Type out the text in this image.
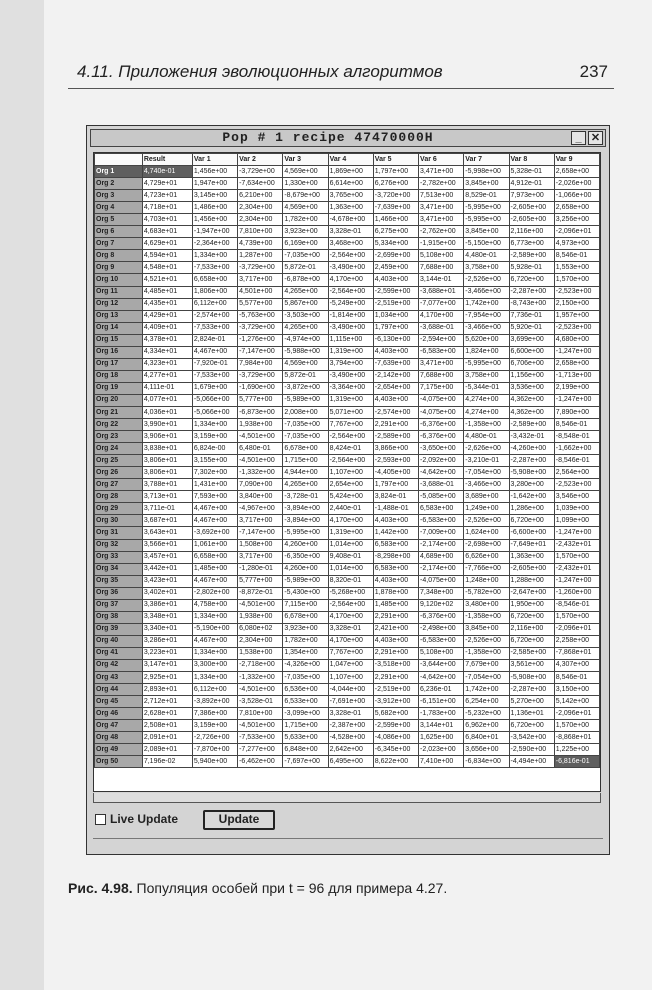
4.11. Приложения эволюционных алгоритмов	237
Pop # 1 recipe 47470000H	_ ✕
	Result	Var 1	Var 2	Var 3	Var 4	Var 5	Var 6	Var 7	Var 8	Var 9
Org 1	4,740e-01	1,456e+00	-3,729e+00	4,569e+00	1,869e+00	1,797e+00	3,471e+00	-5,998e+00	5,328e-01	2,658e+00
Org 2	4,729e+01	1,947e+00	-7,634e+00	1,330e+00	6,614e+00	6,276e+00	-2,782e+00	3,845e+00	4,912e-01	-2,026e+00
Org 3	4,723e+01	3,145e+00	6,210e+00	-8,679e+00	3,765e+00	-3,720e+00	7,513e+00	8,529e-01	7,973e+00	-1,066e+00
Org 4	4,718e+01	1,486e+00	2,304e+00	4,569e+00	1,363e+00	-7,639e+00	3,471e+00	-5,995e+00	-2,605e+00	2,658e+00
Org 5	4,703e+01	1,456e+00	2,304e+00	1,782e+00	-4,678e+00	1,466e+00	3,471e+00	-5,995e+00	-2,605e+00	3,256e+00
Org 6	4,683e+01	-1,947e+00	7,810e+00	3,923e+00	3,328e-01	6,275e+00	-2,762e+00	3,845e+00	2,116e+00	-2,096e+01
Org 7	4,629e+01	-2,364e+00	4,739e+00	6,169e+00	3,468e+00	5,334e+00	-1,915e+00	-5,150e+00	6,773e+00	4,973e+00
Org 8	4,594e+01	1,334e+00	1,287e+00	-7,035e+00	-2,564e+00	-2,699e+00	5,108e+00	4,480e-01	-2,589e+00	8,546e-01
Org 9	4,548e+01	-7,533e+00	-3,729e+00	5,872e-01	-3,490e+00	2,459e+00	7,688e+00	3,758e+00	5,928e-01	1,553e+00
Org 10	4,521e+01	6,658e+00	3,717e+00	-6,878e+00	4,170e+00	4,403e+00	3,144e-01	-2,526e+00	6,720e+00	1,570e+00
Org 11	4,485e+01	1,806e+00	4,501e+00	4,265e+00	-2,564e+00	-2,599e+00	-3,688e+01	-3,466e+00	-2,287e+00	-2,523e+00
Org 12	4,435e+01	6,112e+00	5,577e+00	5,867e+00	-5,249e+00	-2,519e+00	-7,077e+00	1,742e+00	-8,743e+00	2,150e+00
Org 13	4,429e+01	-2,574e+00	-5,763e+00	-3,503e+00	-1,814e+00	1,034e+00	4,170e+00	-7,954e+00	7,736e-01	1,957e+00
Org 14	4,409e+01	-7,533e+00	-3,729e+00	4,265e+00	-3,490e+00	1,797e+00	-3,688e-01	-3,466e+00	5,920e-01	-2,523e+00
Org 15	4,378e+01	2,824e-01	-1,276e+00	-4,974e+00	1,115e+00	-6,130e+00	-2,594e+00	5,620e+00	3,699e+00	4,680e+00
Org 16	4,334e+01	4,467e+00	-7,147e+00	-5,988e+00	1,319e+00	4,403e+00	-6,583e+00	1,824e+00	6,600e+00	-1,247e+00
Org 17	4,323e+01	-7,920e-01	7,984e+00	4,569e+00	3,794e+00	-7,639e+00	3,471e+00	-5,995e+00	6,706e+00	2,658e+00
Org 18	4,277e+01	-7,533e+00	-3,729e+00	5,872e-01	-3,490e+00	-2,142e+00	7,688e+00	3,758e+00	1,156e+00	-1,713e+00
Org 19	4,111e-01	1,679e+00	-1,690e+00	-3,872e+00	-3,364e+00	-2,654e+00	7,175e+00	-5,344e-01	3,536e+00	2,199e+00
Org 20	4,077e+01	-5,066e+00	5,777e+00	-5,989e+00	1,319e+00	4,403e+00	-4,075e+00	4,274e+00	4,362e+00	-1,247e+00
Org 21	4,036e+01	-5,066e+00	-6,873e+00	2,008e+00	5,071e+00	-2,574e+00	-4,075e+00	4,274e+00	4,362e+00	7,890e+00
Org 22	3,990e+01	1,334e+00	1,938e+00	-7,035e+00	7,767e+00	2,291e+00	-6,376e+00	-1,358e+00	-2,589e+00	8,546e-01
Org 23	3,906e+01	3,159e+00	-4,501e+00	-7,035e+00	-2,564e+00	-2,589e+00	-6,376e+00	4,480e-01	-3,432e-01	-8,548e-01
Org 24	3,838e+01	6,824e-00	6,480e-01	6,678e+00	8,424e-01	3,866e+00	-3,650e+00	-2,626e+00	-4,260e+00	-1,662e+00
Org 25	3,806e+01	3,155e+00	-4,501e+00	1,715e+00	-2,564e+00	-2,593e+00	-2,092e+00	-3,210e-01	-2,287e+00	-8,546e-01
Org 26	3,806e+01	7,302e+00	-1,332e+00	4,944e+00	1,107e+00	-4,405e+00	-4,642e+00	-7,054e+00	-5,908e+00	2,564e+00
Org 27	3,788e+01	1,431e+00	7,090e+00	4,265e+00	2,654e+00	1,797e+00	-3,688e-01	-3,466e+00	3,280e+00	-2,523e+00
Org 28	3,713e+01	7,593e+00	3,840e+00	-3,728e-01	5,424e+00	3,824e-01	-5,085e+00	3,689e+00	-1,642e+00	3,546e+00
Org 29	3,711e-01	4,467e+00	-4,967e+00	-3,894e+00	2,440e-01	-1,488e-01	6,583e+00	1,249e+00	1,286e+00	1,039e+00
Org 30	3,687e+01	4,467e+00	3,717e+00	-3,894e+00	4,170e+00	4,403e+00	-6,583e+00	-2,526e+00	6,720e+00	1,099e+00
Org 31	3,643e+01	-3,692e+00	-7,147e+00	-5,995e+00	1,319e+00	1,442e+00	-7,009e+00	1,624e+00	-6,600e+00	-1,247e+00
Org 32	3,566e+01	1,061e+00	1,508e+00	4,260e+00	1,014e+00	6,583e+00	-2,174e+00	-2,698e+00	-7,649e+01	-2,432e+01
Org 33	3,457e+01	6,658e+00	3,717e+00	-6,350e+00	9,408e-01	-8,298e+00	4,689e+00	6,626e+00	1,363e+00	1,570e+00
Org 34	3,442e+01	1,485e+00	-1,280e-01	4,260e+00	1,014e+00	6,583e+00	-2,174e+00	-7,766e+00	-2,605e+00	-2,432e+01
Org 35	3,423e+01	4,467e+00	5,777e+00	-5,989e+00	8,320e-01	4,403e+00	-4,075e+00	1,248e+00	1,288e+00	-1,247e+00
Org 36	3,402e+01	-2,802e+00	-8,872e-01	-5,430e+00	-5,268e+00	1,878e+00	7,348e+00	-5,782e+00	-2,647e+00	-1,260e+00
Org 37	3,386e+01	4,758e+00	-4,501e+00	7,115e+00	-2,564e+00	1,485e+00	9,120e+02	3,480e+00	1,950e+00	-8,546e-01
Org 38	3,348e+01	1,334e+00	1,938e+00	6,678e+00	4,170e+00	2,291e+00	-6,376e+00	-1,358e+00	6,720e+00	1,570e+00
Org 39	3,340e+01	-5,190e+00	6,080e+02	3,923e+00	3,328e-01	2,421e+00	-2,498e+00	3,845e+00	2,116e+00	-2,096e+01
Org 40	3,286e+01	4,467e+00	2,304e+00	1,782e+00	4,170e+00	4,403e+00	-6,583e+00	-2,526e+00	6,720e+00	2,258e+00
Org 41	3,223e+01	1,334e+00	1,538e+00	1,354e+00	7,767e+00	2,291e+00	5,108e+00	-1,358e+00	-2,585e+00	-7,868e+01
Org 42	3,147e+01	3,300e+00	-2,718e+00	-4,326e+00	1,047e+00	-3,518e+00	-3,644e+00	7,679e+00	3,561e+00	4,307e+00
Org 43	2,925e+01	1,334e+00	-1,332e+00	-7,035e+00	1,107e+00	2,291e+00	-4,642e+00	-7,054e+00	-5,908e+00	8,546e-01
Org 44	2,893e+01	6,112e+00	-4,501e+00	6,536e+00	-4,044e+00	-2,519e+00	6,236e-01	1,742e+00	-2,287e+00	3,150e+00
Org 45	2,712e+01	-3,892e+00	-3,528e-01	6,533e+00	-7,691e+00	-3,912e+00	-6,151e+00	6,254e+00	5,270e+00	5,142e+00
Org 46	2,628e+01	7,386e+00	7,810e+00	-3,099e+00	3,328e-01	5,682e+00	-1,783e+00	-5,232e+00	1,136e+01	-2,096e+01
Org 47	2,508e+01	3,159e+00	-4,501e+00	1,715e+00	-2,387e+00	-2,599e+00	3,144e+01	6,962e+00	6,720e+00	1,570e+00
Org 48	2,091e+01	-2,726e+00	-7,533e+00	5,633e+00	-4,528e+00	-4,086e+00	1,625e+00	6,840e+01	-3,542e+00	-8,868e+01
Org 49	2,089e+01	-7,870e+00	-7,277e+00	6,848e+00	2,642e+00	-6,345e+00	-2,023e+00	3,656e+00	-2,590e+00	1,225e+00
Org 50	7,196e-02	5,940e+00	-6,462e+00	-7,697e+00	6,495e+00	8,622e+00	7,410e+00	-6,834e+00	-4,494e+00	-6,816e-01
Live Update	Update
Рис. 4.98. Популяция особей при t = 96 для примера 4.27.
